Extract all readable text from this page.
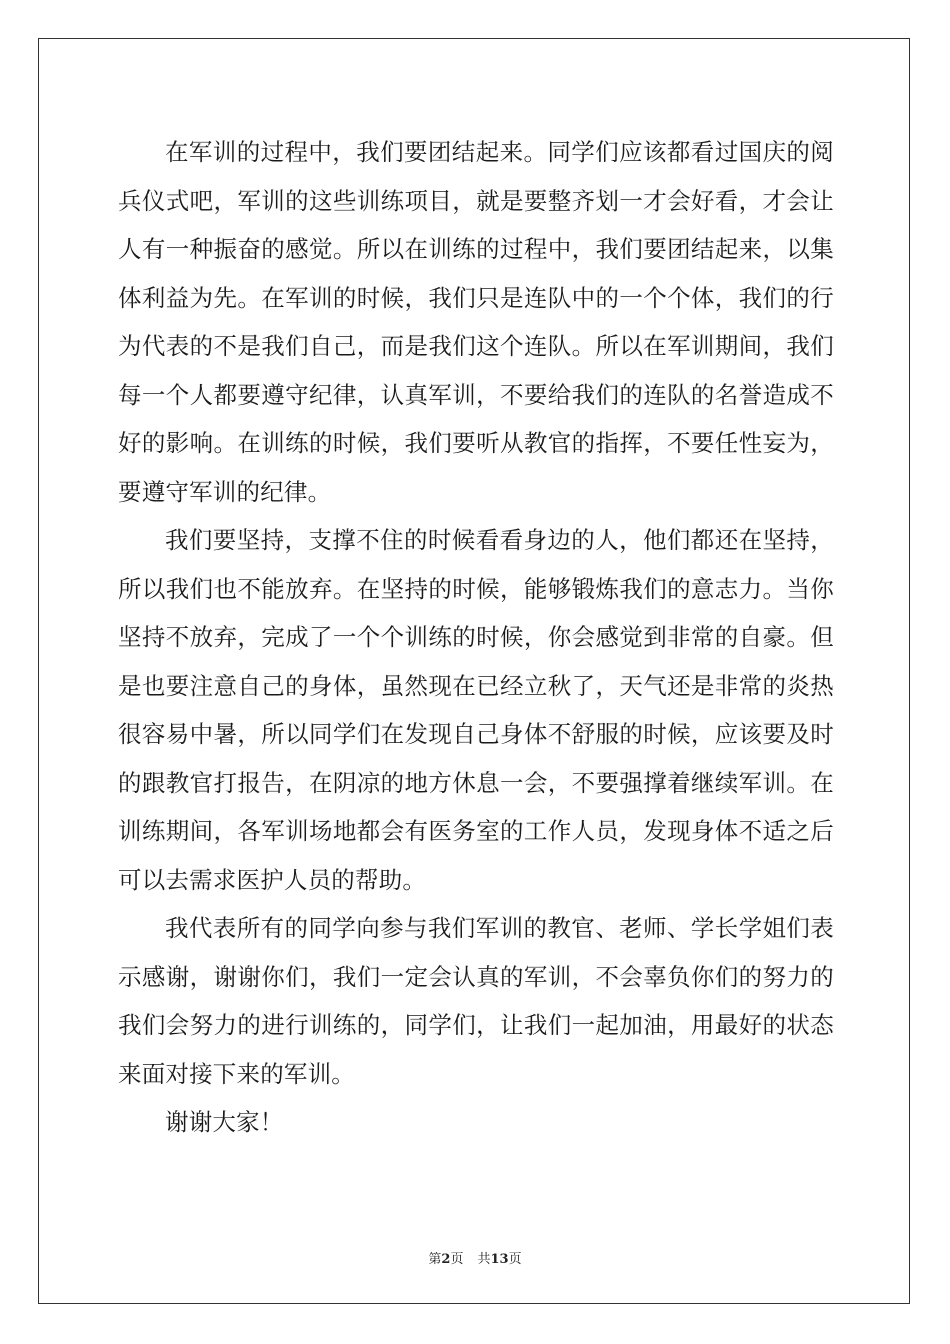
在军训的过程中，我们要团结起来。同学们应该都看过国庆的阅兵仪式吧，军训的这些训练项目，就是要整齐划一才会好看，才会让人有一种振奋的感觉。所以在训练的过程中，我们要团结起来，以集体利益为先。在军训的时候，我们只是连队中的一个个体，我们的行为代表的不是我们自己，而是我们这个连队。所以在军训期间，我们每一个人都要遵守纪律，认真军训，不要给我们的连队的名誉造成不好的影响。在训练的时候，我们要听从教官的指挥，不要任性妄为，要遵守军训的纪律。

我们要坚持，支撑不住的时候看看身边的人，他们都还在坚持，所以我们也不能放弃。在坚持的时候，能够锻炼我们的意志力。当你坚持不放弃，完成了一个个训练的时候，你会感觉到非常的自豪。但是也要注意自己的身体，虽然现在已经立秋了，天气还是非常的炎热很容易中暑，所以同学们在发现自己身体不舒服的时候，应该要及时的跟教官打报告，在阴凉的地方休息一会，不要强撑着继续军训。在训练期间，各军训场地都会有医务室的工作人员，发现身体不适之后可以去需求医护人员的帮助。

我代表所有的同学向参与我们军训的教官、老师、学长学姐们表示感谢，谢谢你们，我们一定会认真的军训，不会辜负你们的努力的我们会努力的进行训练的，同学们，让我们一起加油，用最好的状态来面对接下来的军训。

谢谢大家！

第2页 共13页
